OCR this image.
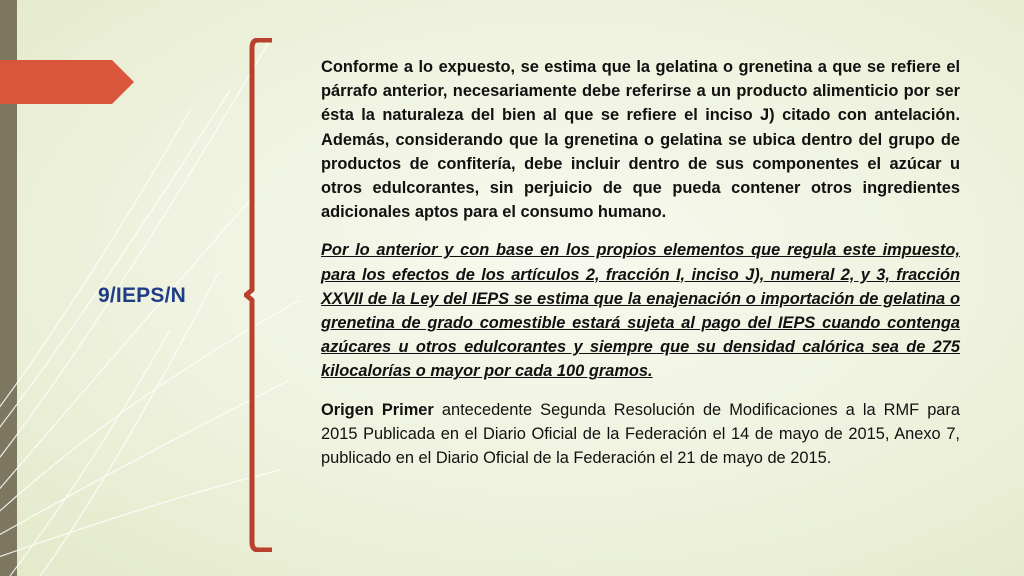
9/IEPS/N

Conforme a lo expuesto, se estima que la gelatina o grenetina a que se refiere el párrafo anterior, necesariamente debe referirse a un producto alimenticio por ser ésta la naturaleza del bien al que se refiere el inciso J) citado con antelación. Además, considerando que la grenetina o gelatina se ubica dentro del grupo de productos de confitería, debe incluir dentro de sus componentes el azúcar u otros edulcorantes, sin perjuicio de que pueda contener otros ingredientes adicionales aptos para el consumo humano.

Por lo anterior y con base en los propios elementos que regula este impuesto, para los efectos de los artículos 2, fracción I, inciso J), numeral 2, y 3, fracción XXVII de la Ley del IEPS se estima que la enajenación o importación de gelatina o grenetina de grado comestible estará sujeta al pago del IEPS cuando contenga azúcares u otros edulcorantes y siempre que su densidad calórica sea de 275 kilocalorías o mayor por cada 100 gramos.

Origen Primer antecedente Segunda Resolución de Modificaciones a la RMF para 2015 Publicada en el Diario Oficial de la Federación el 14 de mayo de 2015, Anexo 7, publicado en el Diario Oficial de la Federación el 21 de mayo de 2015.
